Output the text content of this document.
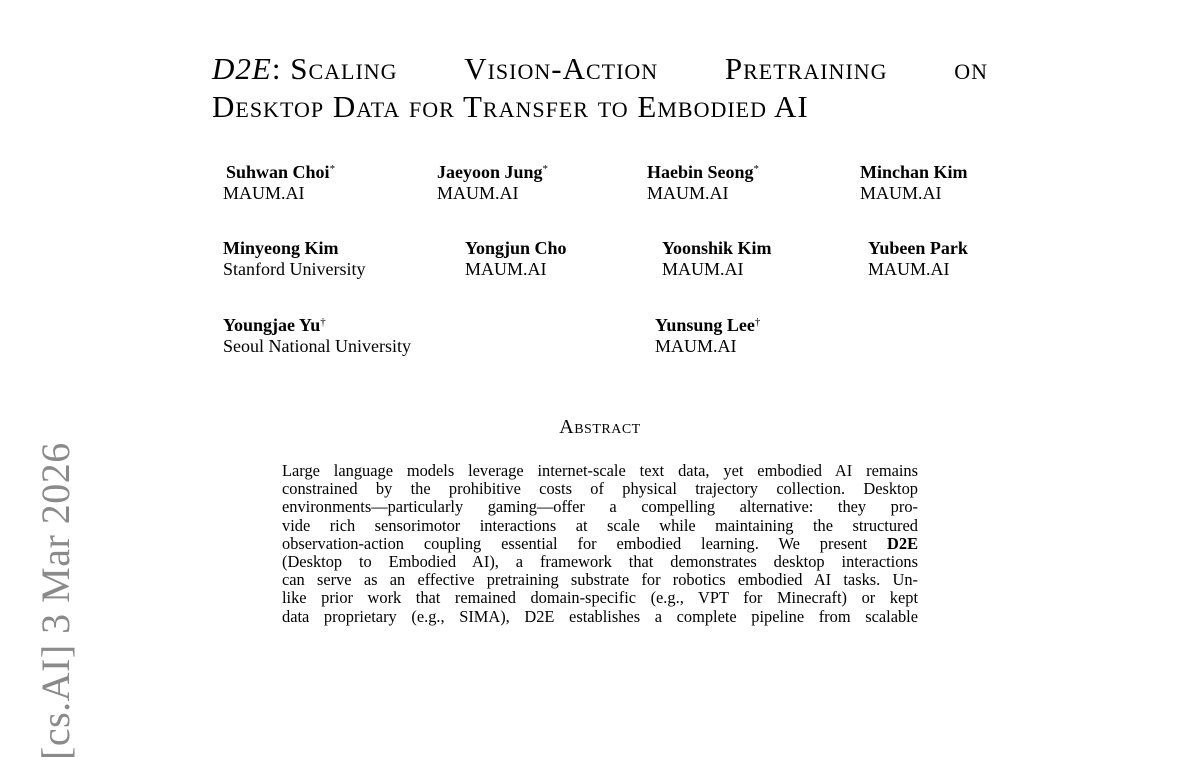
[cs.AI] 3 Mar 2026
D2E: Scaling Vision-Action Pretraining on
Desktop Data for Transfer to Embodied AI
Suhwan Choi*
MAUM.AI
Jaeyoon Jung*
MAUM.AI
Haebin Seong*
MAUM.AI
Minchan Kim
MAUM.AI
Minyeong Kim
Stanford University
Yongjun Cho
MAUM.AI
Yoonshik Kim
MAUM.AI
Yubeen Park
MAUM.AI
Youngjae Yu†
Seoul National University
Yunsung Lee†
MAUM.AI
Abstract
Large language models leverage internet-scale text data, yet embodied AI remains
constrained by the prohibitive costs of physical trajectory collection. Desktop
environments—particularly gaming—offer a compelling alternative: they pro-
vide rich sensorimotor interactions at scale while maintaining the structured
observation-action coupling essential for embodied learning. We present D2E
(Desktop to Embodied AI), a framework that demonstrates desktop interactions
can serve as an effective pretraining substrate for robotics embodied AI tasks. Un-
like prior work that remained domain-specific (e.g., VPT for Minecraft) or kept
data proprietary (e.g., SIMA), D2E establishes a complete pipeline from scalable
